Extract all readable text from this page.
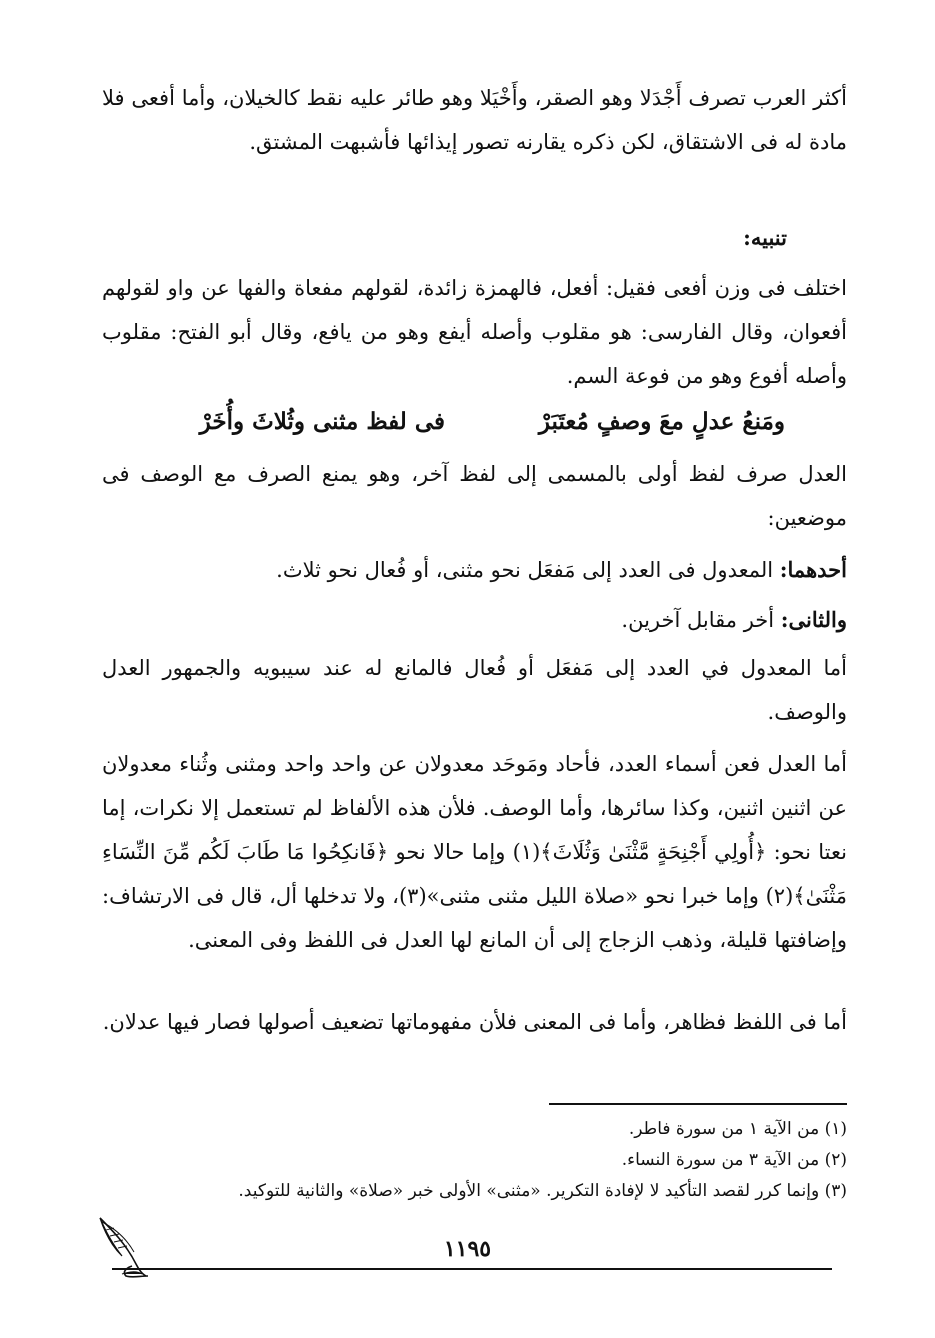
أكثر العرب تصرف أَجْدَلا وهو الصقر، وأَخْيَلا وهو طائر عليه نقط كالخيلان، وأما أفعى فلا مادة له فى الاشتقاق، لكن ذكره يقارنه تصور إيذائها فأشبهت المشتق.

تنبيه:

اختلف فى وزن أفعى فقيل: أفعل، فالهمزة زائدة، لقولهم مفعاة والفها عن واو لقولهم أفعوان، وقال الفارسى: هو مقلوب وأصله أيفع وهو من يافع، وقال أبو الفتح: مقلوب وأصله أفوع وهو من فوعة السم.

ومَنعُ عدلٍ معَ وصفٍ مُعتَبَرْ
فى لفظ مثنى وثُلاثَ وأُخَرْ

العدل صرف لفظ أولى بالمسمى إلى لفظ آخر، وهو يمنع الصرف مع الوصف فى موضعين:

أحدهما: المعدول فى العدد إلى مَفعَل نحو مثنى، أو فُعال نحو ثلاث.

والثانى: أخر مقابل آخرين.

أما المعدول في العدد إلى مَفعَل أو فُعال فالمانع له عند سيبويه والجمهور العدل والوصف.

أما العدل فعن أسماء العدد، فأحاد ومَوحَد معدولان عن واحد واحد ومثنى وثُناء معدولان عن اثنين اثنين، وكذا سائرها، وأما الوصف. فلأن هذه الألفاظ لم تستعمل إلا نكرات، إما نعتا نحو: ﴿أُولِي أَجْنِحَةٍ مَّثْنَىٰ وَثُلَاثَ﴾(١) وإما حالا نحو ﴿فَانكِحُوا مَا طَابَ لَكُم مِّنَ النِّسَاءِ مَثْنَىٰ﴾(٢) وإما خبرا نحو «صلاة الليل مثنى مثنى»(٣)، ولا تدخلها أل، قال فى الارتشاف: وإضافتها قليلة، وذهب الزجاج إلى أن المانع لها العدل فى اللفظ وفى المعنى.

أما فى اللفظ فظاهر، وأما فى المعنى فلأن مفهوماتها تضعيف أصولها فصار فيها عدلان.

(١) من الآية ١ من سورة فاطر.
(٢) من الآية ٣ من سورة النساء.
(٣) وإنما كرر لقصد التأكيد لا لإفادة التكرير. «مثنى» الأولى خبر «صلاة» والثانية للتوكيد.
١١٩٥
